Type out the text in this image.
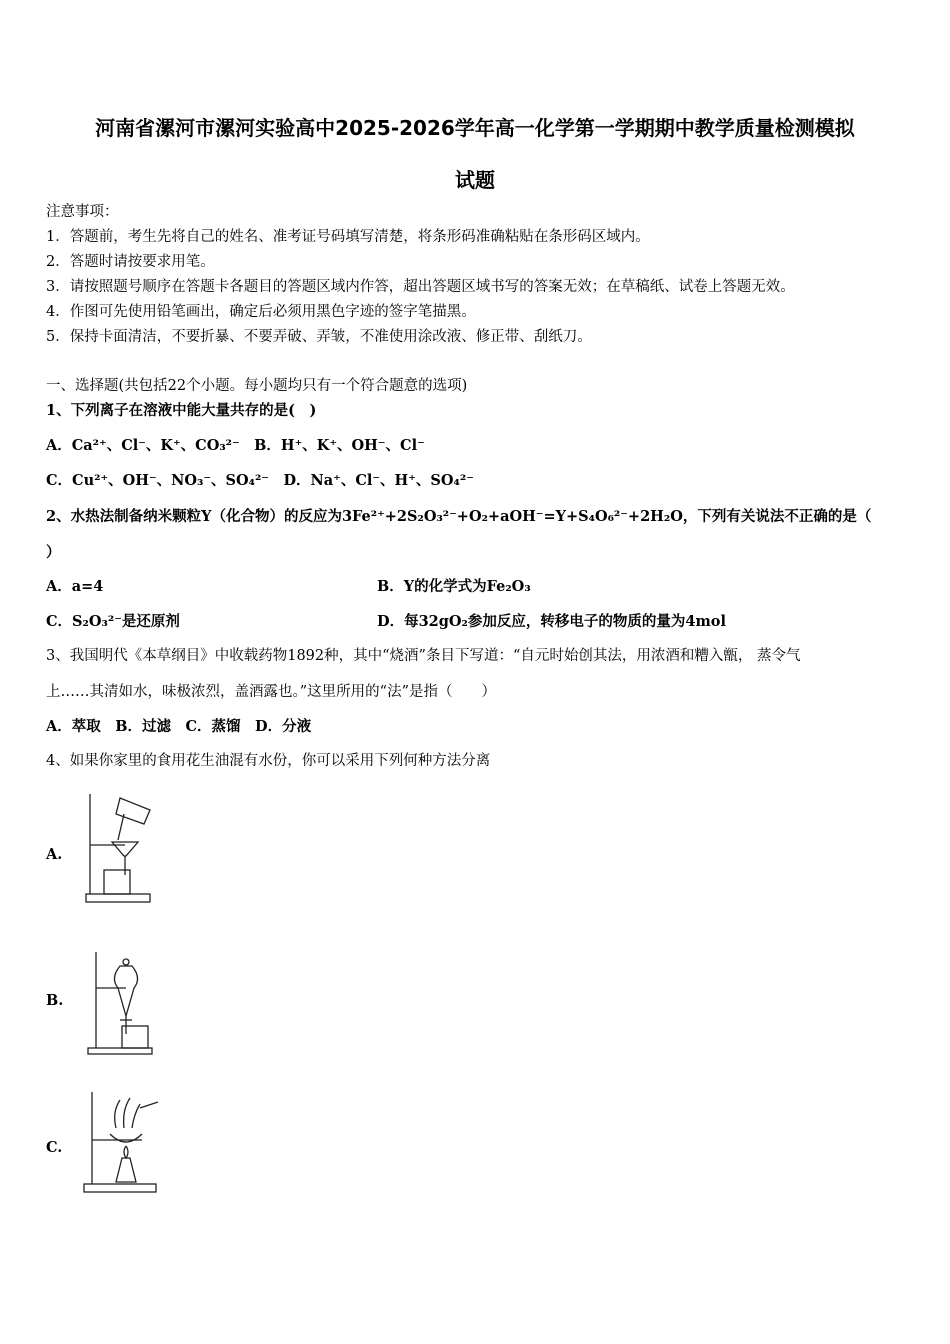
河南省漯河市漯河实验高中2025-2026学年高一化学第一学期期中教学质量检测模拟
试题
注意事项：
1．答题前，考生先将自己的姓名、准考证号码填写清楚，将条形码准确粘贴在条形码区域内。
2．答题时请按要求用笔。
3．请按照题号顺序在答题卡各题目的答题区域内作答，超出答题区域书写的答案无效；在草稿纸、试卷上答题无效。
4．作图可先使用铅笔画出，确定后必须用黑色字迹的签字笔描黑。
5．保持卡面清洁，不要折暴、不要弄破、弄皱，不准使用涂改液、修正带、刮纸刀。
一、选择题(共包括22个小题。每小题均只有一个符合题意的选项)
1、下列离子在溶液中能大量共存的是(　)
A．Ca²⁺、Cl⁻、K⁺、CO₃²⁻　B．H⁺、K⁺、OH⁻、Cl⁻
C．Cu²⁺、OH⁻、NO₃⁻、SO₄²⁻　D．Na⁺、Cl⁻、H⁺、SO₄²⁻
2、水热法制备纳米颗粒Y（化合物）的反应为3Fe²⁺+2S₂O₃²⁻+O₂+aOH⁻=Y+S₄O₆²⁻+2H₂O，下列有关说法不正确的是（
）
A．a=4	B．Y的化学式为Fe₂O₃
C．S₂O₃²⁻是还原剂	D．每32gO₂参加反应，转移电子的物质的量为4mol
3、我国明代《本草纲目》中收载药物1892种，其中“烧酒”条目下写道：“自元时始创其法，用浓酒和糟入甑， 蒸令气
上……其清如水，味极浓烈，盖酒露也。”这里所用的“法”是指（　　）
A．萃取　B．过滤　C．蒸馏　D．分液
4、如果你家里的食用花生油混有水份，你可以采用下列何种方法分离
A.
B.
C.
